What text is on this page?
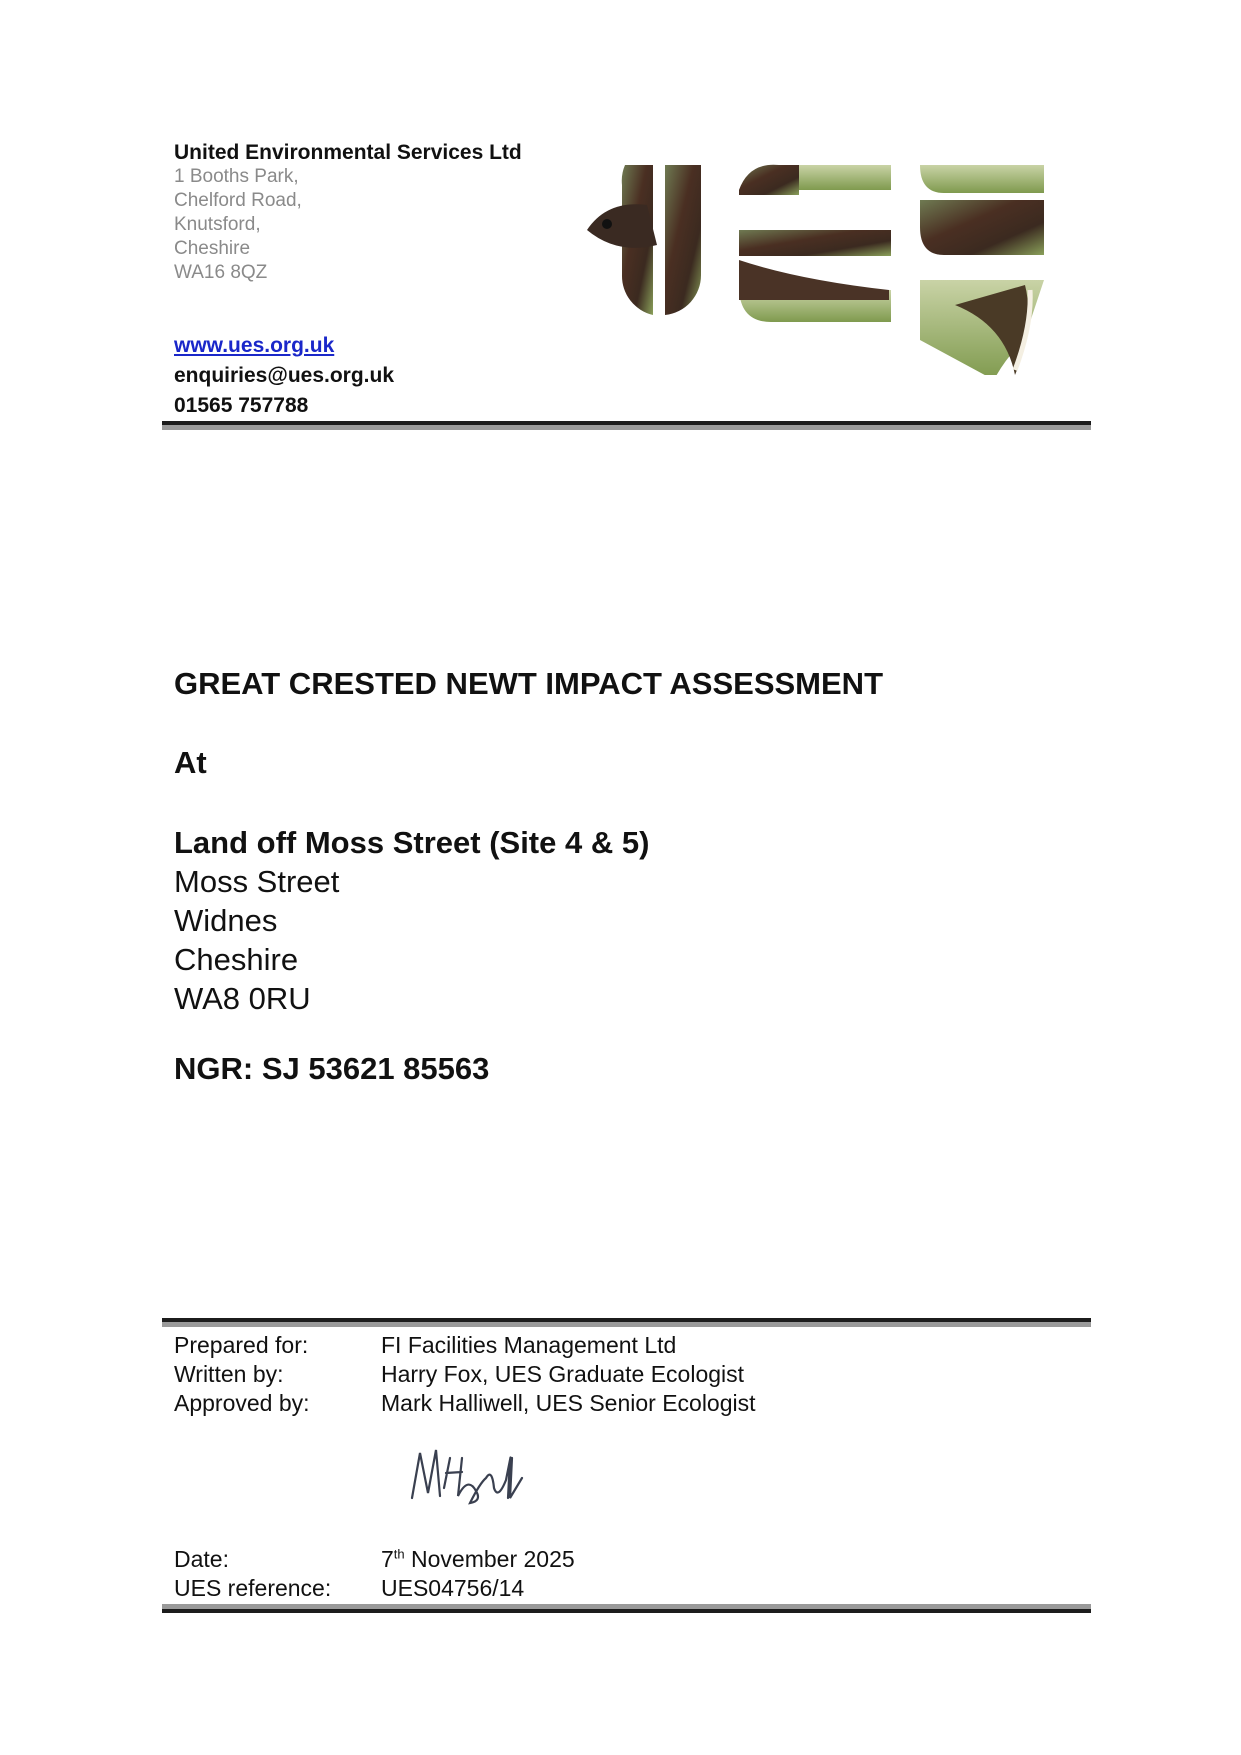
United Environmental Services Ltd
1 Booths Park,
Chelford Road,
Knutsford,
Cheshire
WA16 8QZ
www.ues.org.uk
enquiries@ues.org.uk
01565 757788
GREAT CRESTED NEWT IMPACT ASSESSMENT
At
Land off Moss Street (Site 4 & 5)
Moss Street
Widnes
Cheshire
WA8 0RU
NGR: SJ 53621 85563
Prepared for:	FI Facilities Management Ltd
Written by:	Harry Fox, UES Graduate Ecologist
Approved by:	Mark Halliwell, UES Senior Ecologist
Date:	7th November 2025
UES reference:	UES04756/14
